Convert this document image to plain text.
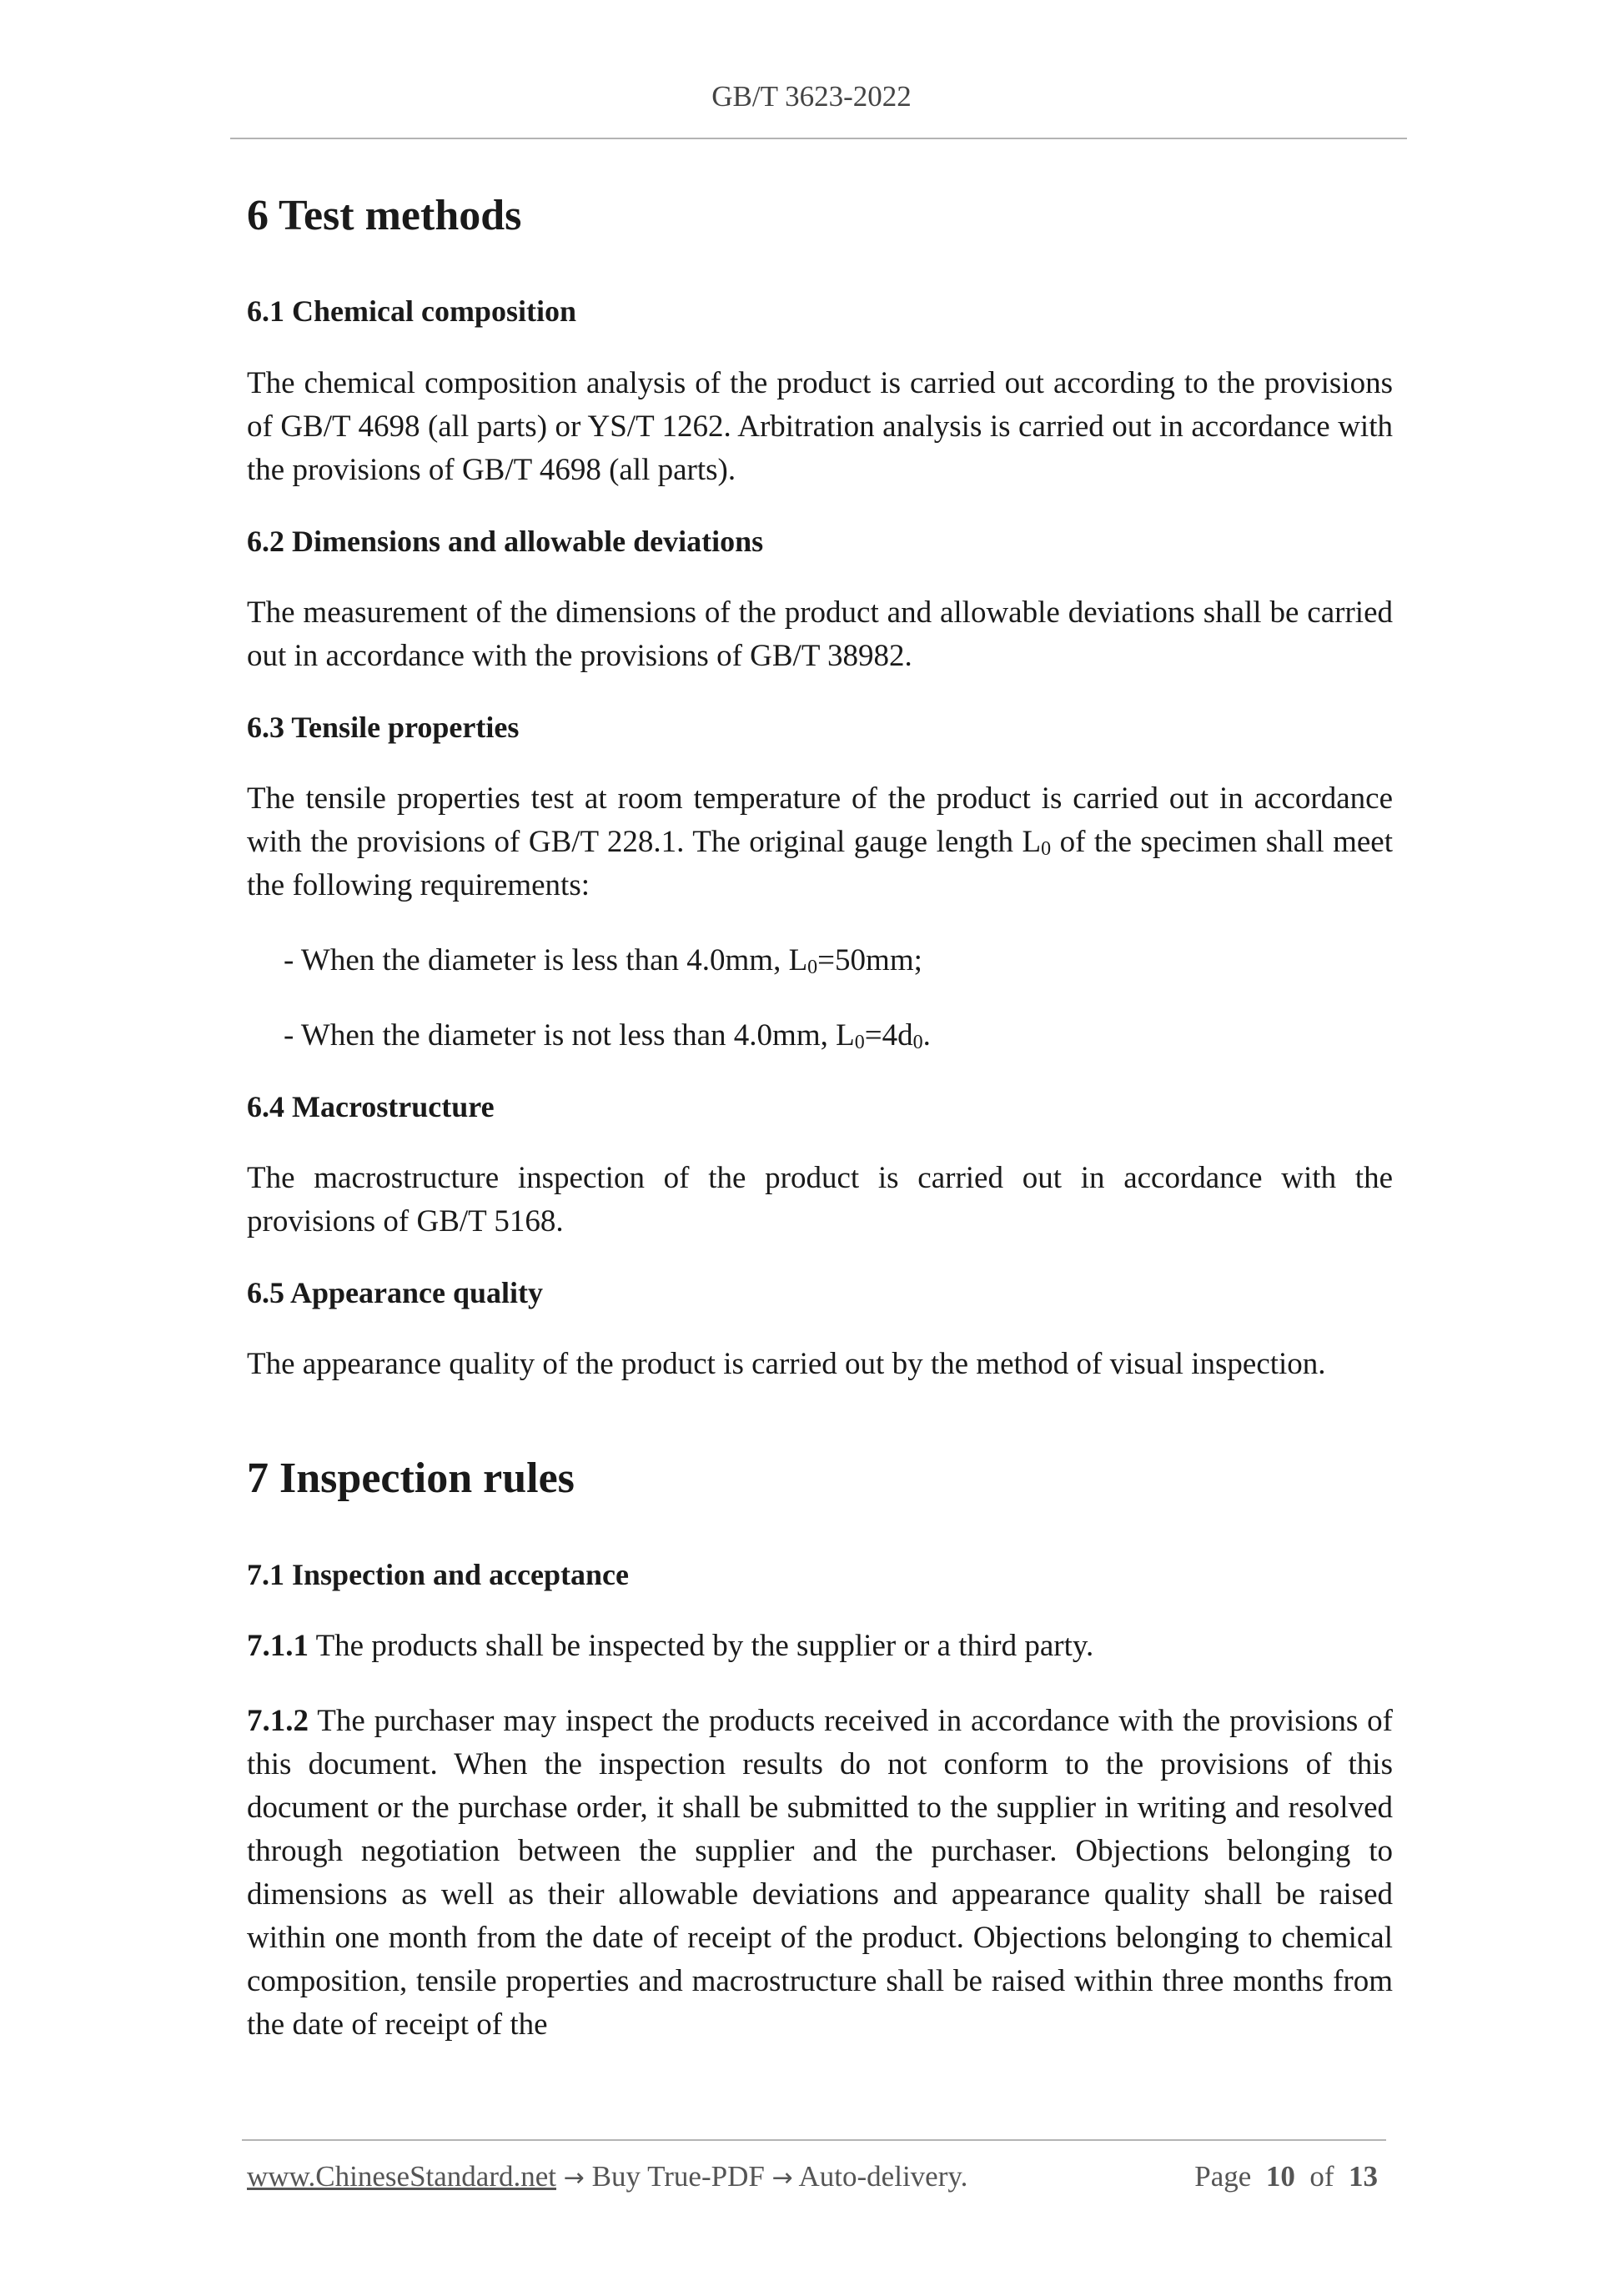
GB/T 3623-2022
6 Test methods
6.1 Chemical composition

The chemical composition analysis of the product is carried out according to the provisions of GB/T 4698 (all parts) or YS/T 1262. Arbitration analysis is carried out in accordance with the provisions of GB/T 4698 (all parts).

6.2 Dimensions and allowable deviations

The measurement of the dimensions of the product and allowable deviations shall be carried out in accordance with the provisions of GB/T 38982.

6.3 Tensile properties

The tensile properties test at room temperature of the product is carried out in accordance with the provisions of GB/T 228.1. The original gauge length L0 of the specimen shall meet the following requirements:

- When the diameter is less than 4.0mm, L0=50mm;

- When the diameter is not less than 4.0mm, L0=4d0.

6.4 Macrostructure

The macrostructure inspection of the product is carried out in accordance with the provisions of GB/T 5168.

6.5 Appearance quality

The appearance quality of the product is carried out by the method of visual inspection.

7 Inspection rules
7.1 Inspection and acceptance

7.1.1 The products shall be inspected by the supplier or a third party.

7.1.2 The purchaser may inspect the products received in accordance with the provisions of this document. When the inspection results do not conform to the provisions of this document or the purchase order, it shall be submitted to the supplier in writing and resolved through negotiation between the supplier and the purchaser. Objections belonging to dimensions as well as their allowable deviations and appearance quality shall be raised within one month from the date of receipt of the product. Objections belonging to chemical composition, tensile properties and macrostructure shall be raised within three months from the date of receipt of the

www.ChineseStandard.net → Buy True-PDF → Auto-delivery.	Page 10 of 13
